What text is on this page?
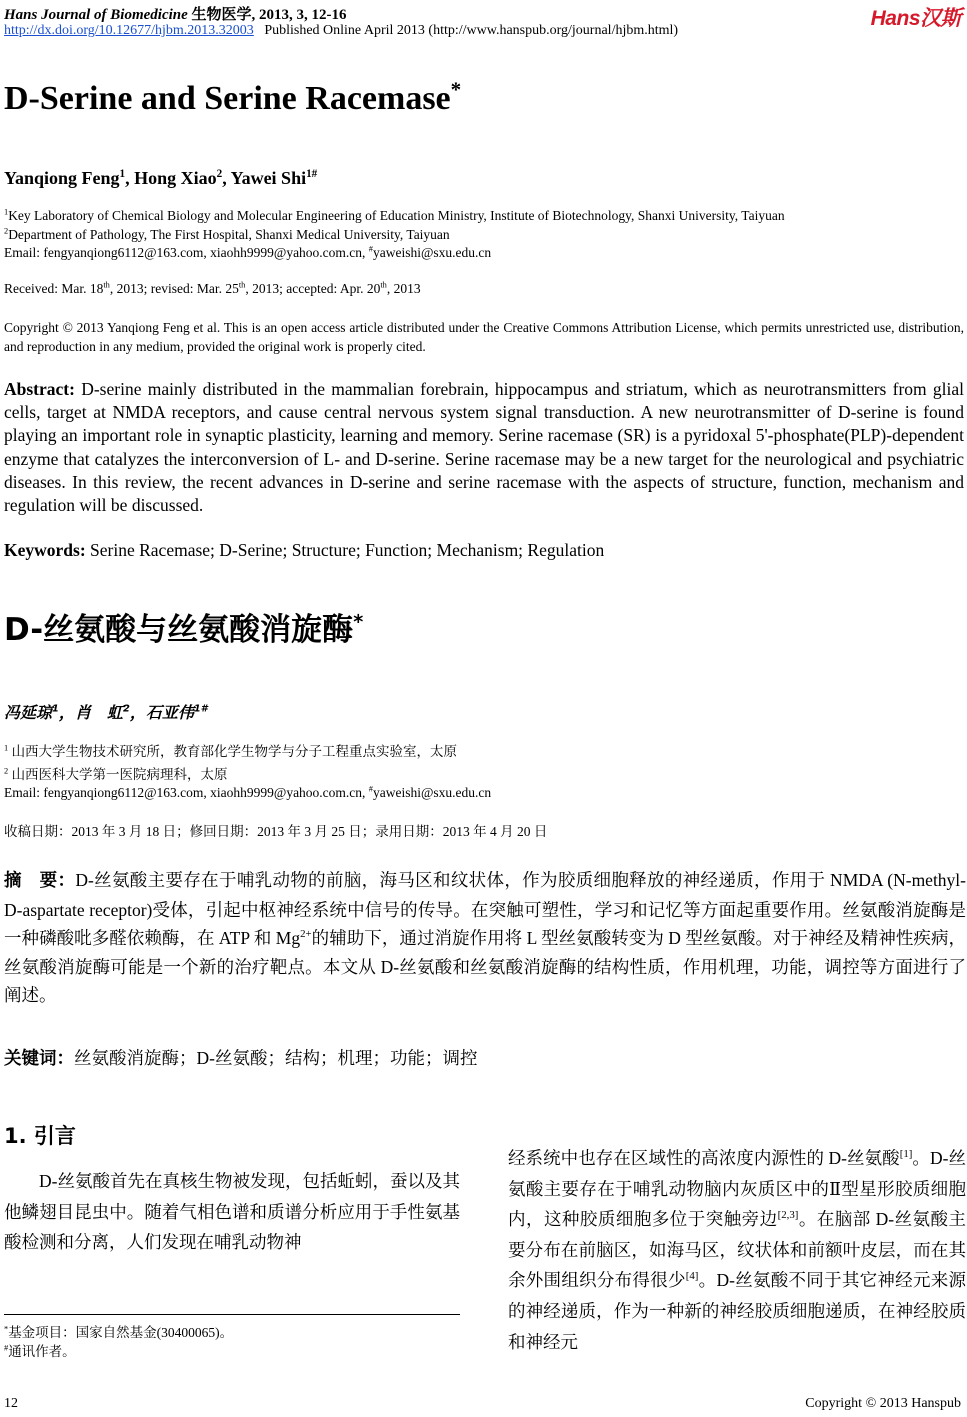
Hans Journal of Biomedicine 生物医学, 2013, 3, 12-16
http://dx.doi.org/10.12677/hjbm.2013.32003 Published Online April 2013 (http://www.hanspub.org/journal/hjbm.html)
Hans汉斯
D-Serine and Serine Racemase*
Yanqiong Feng$^1$, Hong Xiao$^2$, Yawei Shi$^{1\#}$
$^1$Key Laboratory of Chemical Biology and Molecular Engineering of Education Ministry, Institute of Biotechnology, Shanxi University, Taiyuan
$^2$Department of Pathology, The First Hospital, Shanxi Medical University, Taiyuan
Email: fengyanqiong6112@163.com, xiaohh9999@yahoo.com.cn, #yaweishi@sxu.edu.cn
Received: Mar. 18th, 2013; revised: Mar. 25th, 2013; accepted: Apr. 20th, 2013
Copyright © 2013 Yanqiong Feng et al. This is an open access article distributed under the Creative Commons Attribution License, which permits unrestricted use, distribution, and reproduction in any medium, provided the original work is properly cited.
Abstract: D-serine mainly distributed in the mammalian forebrain, hippocampus and striatum, which as neurotransmitters from glial cells, target at NMDA receptors, and cause central nervous system signal transduction. A new neurotransmitter of D-serine is found playing an important role in synaptic plasticity, learning and memory. Serine racemase (SR) is a pyridoxal 5'-phosphate(PLP)-dependent enzyme that catalyzes the interconversion of L- and D-serine. Serine racemase may be a new target for the neurological and psychiatric diseases. In this review, the recent advances in D-serine and serine racemase with the aspects of structure, function, mechanism and regulation will be discussed.
Keywords: Serine Racemase; D-Serine; Structure; Function; Mechanism; Regulation
D-丝氨酸与丝氨酸消旋酶*
冯延琼$^1$，肖　虹$^2$，石亚伟$^{1\#}$
$^1$ 山西大学生物技术研究所，教育部化学生物学与分子工程重点实验室，太原
$^2$ 山西医科大学第一医院病理科，太原
Email: fengyanqiong6112@163.com, xiaohh9999@yahoo.com.cn, #yaweishi@sxu.edu.cn
收稿日期：2013 年 3 月 18 日；修回日期：2013 年 3 月 25 日；录用日期：2013 年 4 月 20 日
摘　要：D-丝氨酸主要存在于哺乳动物的前脑，海马区和纹状体，作为胶质细胞释放的神经递质，作用于 NMDA (N-methyl-D-aspartate receptor)受体，引起中枢神经系统中信号的传导。在突触可塑性，学习和记忆等方面起重要作用。丝氨酸消旋酶是一种磷酸吡多醛依赖酶，在 ATP 和 $Mg^{2+}$的辅助下，通过消旋作用将 L 型丝氨酸转变为 D 型丝氨酸。对于神经及精神性疾病，丝氨酸消旋酶可能是一个新的治疗靶点。本文从 D-丝氨酸和丝氨酸消旋酶的结构性质，作用机理，功能，调控等方面进行了阐述。
关键词：丝氨酸消旋酶；D-丝氨酸；结构；机理；功能；调控
1. 引言
D-丝氨酸首先在真核生物被发现，包括蚯蚓，蚕以及其他鳞翅目昆虫中。随着气相色谱和质谱分析应用于手性氨基酸检测和分离，人们发现在哺乳动物神
经系统中也存在区域性的高浓度内源性的 D-丝氨酸[1]。D-丝氨酸主要存在于哺乳动物脑内灰质区中的Ⅱ型星形胶质细胞内，这种胶质细胞多位于突触旁边[2,3]。在脑部 D-丝氨酸主要分布在前脑区，如海马区，纹状体和前额叶皮层，而在其余外围组织分布得很少[4]。D-丝氨酸不同于其它神经元来源的神经递质，作为一种新的神经胶质细胞递质，在神经胶质和神经元
*基金项目：国家自然基金(30400065)。
#通讯作者。
12	Copyright © 2013 Hanspub
